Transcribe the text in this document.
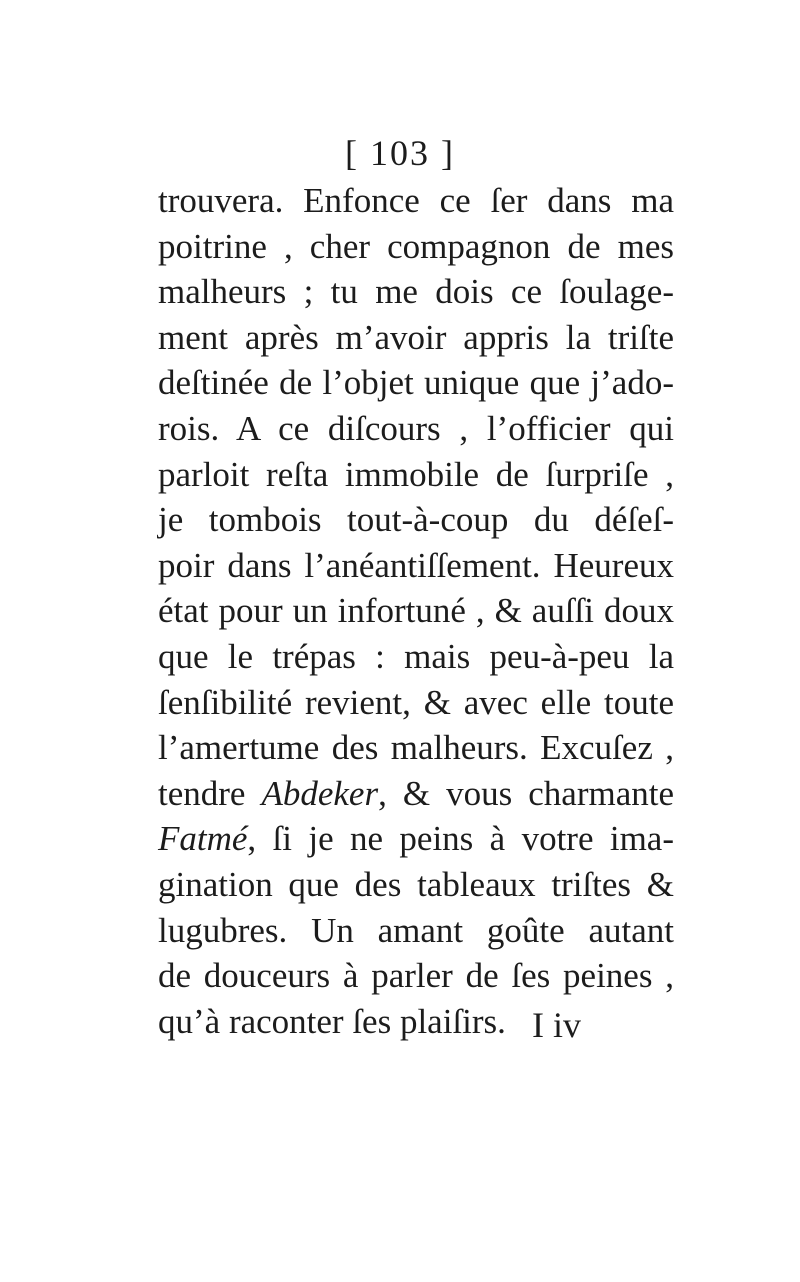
[ 103 ]
trouvera. Enfonce ce ſer dans ma
poitrine , cher compagnon de mes
malheurs ; tu me dois ce ſoulage-
ment après m’avoir appris la triſte
deſtinée de l’objet unique que j’ado-
rois. A ce diſcours , l’officier qui
parloit reſta immobile de ſurpriſe ,
je tombois tout-à-coup du déſeſ-
poir dans l’anéantiſſement. Heureux
état pour un infortuné , & auſſi doux
que le trépas : mais peu-à-peu la
ſenſibilité revient, & avec elle toute
l’amertume des malheurs. Excuſez ,
tendre Abdeker, & vous charmante
Fatmé, ſi je ne peins à votre ima-
gination que des tableaux triſtes &
lugubres. Un amant goûte autant
de douceurs à parler de ſes peines ,
qu’à raconter ſes plaiſirs. I iv
